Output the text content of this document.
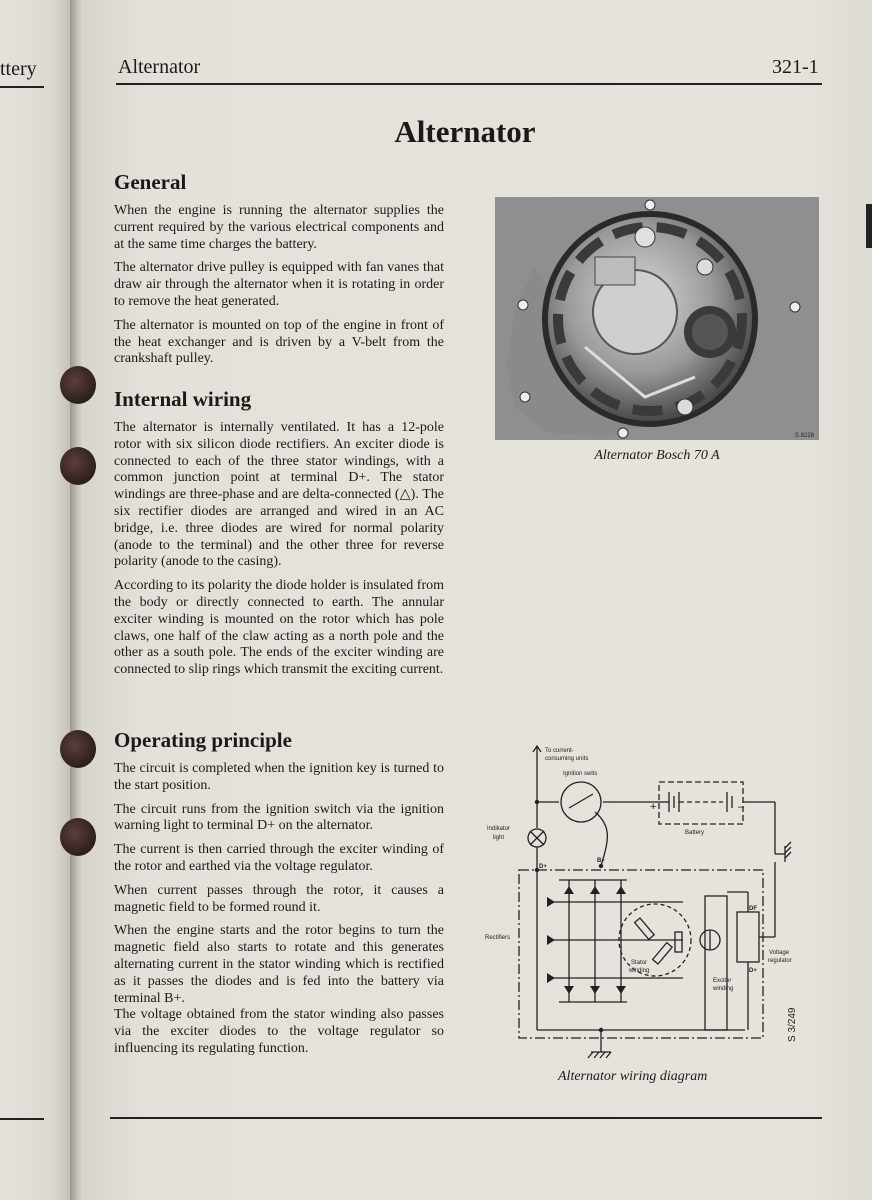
ttery	Alternator	321-1
Alternator
General

When the engine is running the alternator supplies the current required by the various electrical components and at the same time charges the battery.

The alternator drive pulley is equipped with fan vanes that draw air through the alternator when it is rotating in order to remove the heat generated.

The alternator is mounted on top of the engine in front of the heat exchanger and is driven by a V-belt from the crankshaft pulley.

Internal wiring

The alternator is internally ventilated. It has a 12-pole rotor with six silicon diode rectifiers. An exciter diode is connected to each of the three stator windings, with a common junction point at terminal D+. The stator windings are three-phase and are delta-connected (△). The six rectifier diodes are arranged and wired in an AC bridge, i.e. three diodes are wired for normal polarity (anode to the terminal) and the other three for reverse polarity (anode to the casing).

According to its polarity the diode holder is insulated from the body or directly connected to earth. The annular exciter winding is mounted on the rotor which has pole claws, one half of the claw acting as a north pole and the other as a south pole. The ends of the exciter winding are connected to slip rings which transmit the exciting current.

Operating principle

The circuit is completed when the ignition key is turned to the start position.

The circuit runs from the ignition switch via the ignition warning light to terminal D+ on the alternator.

The current is then carried through the exciter winding of the rotor and earthed via the voltage regulator.

When current passes through the rotor, it causes a magnetic field to be formed round it.

When the engine starts and the rotor begins to turn the magnetic field also starts to rotate and this generates alternating current in the stator winding which is rectified as it passes the diodes and is fed into the battery via terminal B+.

The voltage obtained from the stator winding also passes via the exciter diodes to the voltage regulator so influencing its regulating function.

S 8228
Alternator Bosch 70 A
To current-
consuming units
Ignition swits
Battery
Indikator
light
Rectifiers
Stator
winding
Exciter
winding
Voltage
regulator
D+
B+
DF
D+
+	–
S 3/249
Alternator wiring diagram
